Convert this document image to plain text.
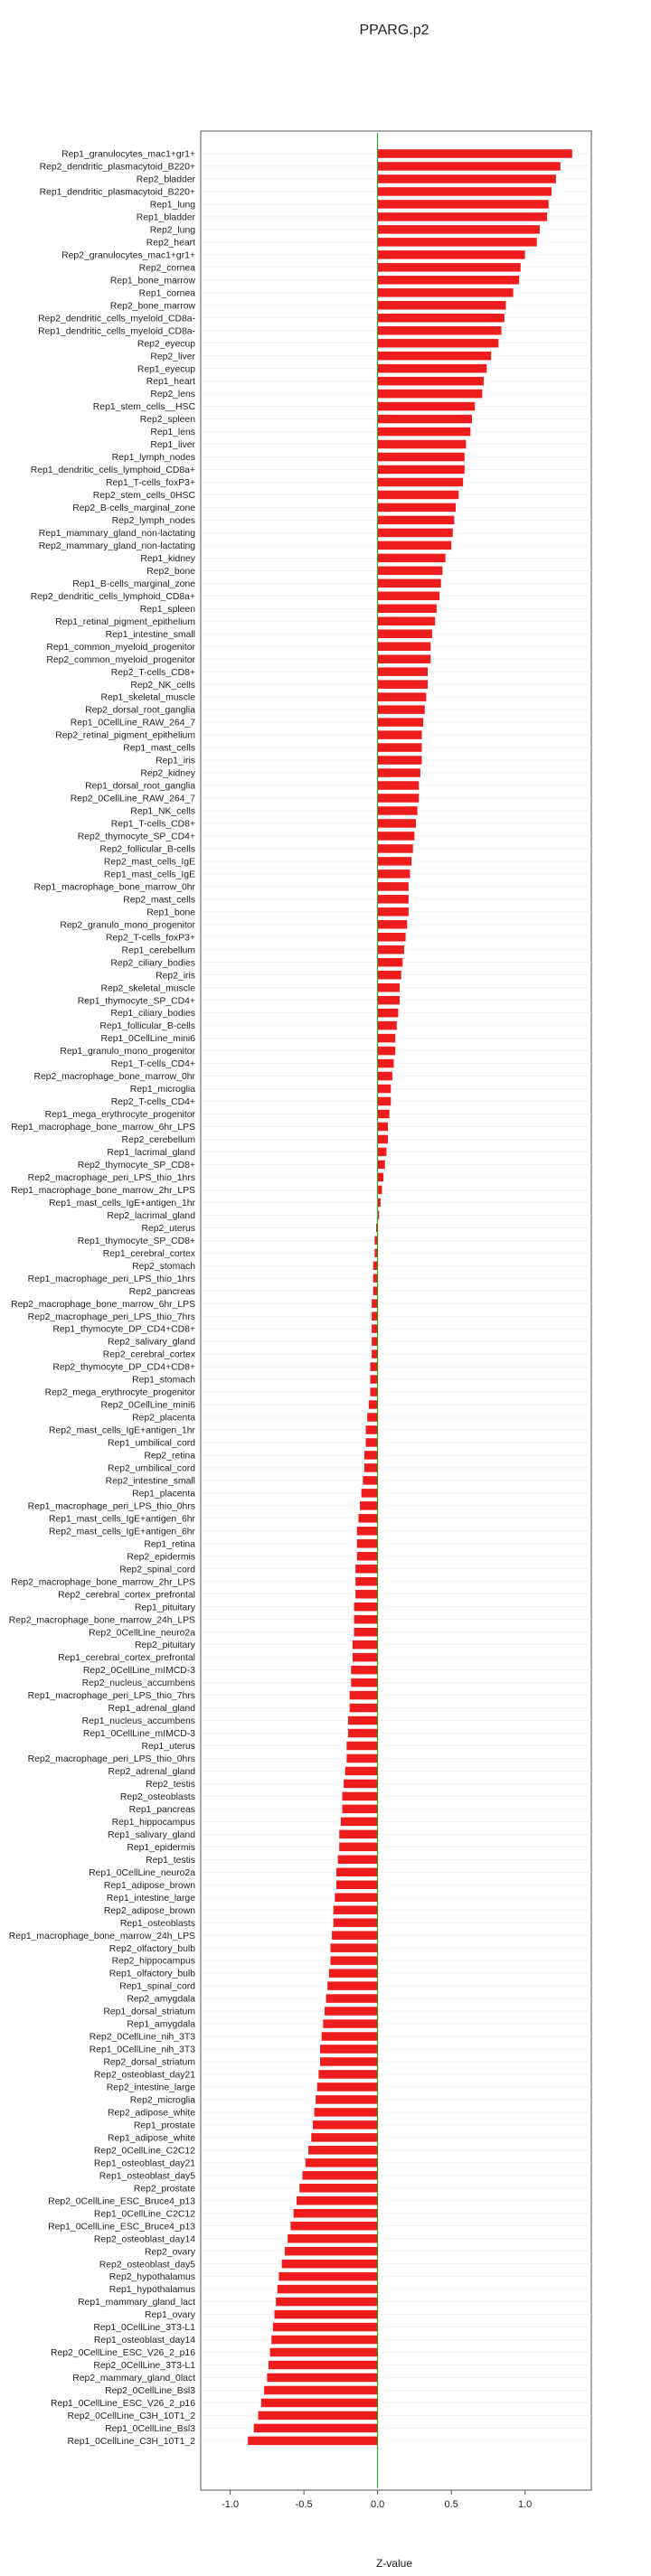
PPARG.p2
Rep1_granulocytes_mac1+gr1+
Rep2_dendritic_plasmacytoid_B220+
Rep2_bladder
Rep1_dendritic_plasmacytoid_B220+
Rep1_lung
Rep1_bladder
Rep2_lung
Rep2_heart
Rep2_granulocytes_mac1+gr1+
Rep2_cornea
Rep1_bone_marrow
Rep1_cornea
Rep2_bone_marrow
Rep2_dendritic_cells_myeloid_CD8a-
Rep1_dendritic_cells_myeloid_CD8a-
Rep2_eyecup
Rep2_liver
Rep1_eyecup
Rep1_heart
Rep2_lens
Rep1_stem_cells__HSC
Rep2_spleen
Rep1_lens
Rep1_liver
Rep1_lymph_nodes
Rep1_dendritic_cells_lymphoid_CD8a+
Rep1_T-cells_foxP3+
Rep2_stem_cells_0HSC
Rep2_B-cells_marginal_zone
Rep2_lymph_nodes
Rep1_mammary_gland_non-lactating
Rep2_mammary_gland_non-lactating
Rep1_kidney
Rep2_bone
Rep1_B-cells_marginal_zone
Rep2_dendritic_cells_lymphoid_CD8a+
Rep1_spleen
Rep1_retinal_pigment_epithelium
Rep1_intestine_small
Rep1_common_myeloid_progenitor
Rep2_common_myeloid_progenitor
Rep2_T-cells_CD8+
Rep2_NK_cells
Rep1_skeletal_muscle
Rep2_dorsal_root_ganglia
Rep1_0CellLine_RAW_264_7
Rep2_retinal_pigment_epithelium
Rep1_mast_cells
Rep1_iris
Rep2_kidney
Rep1_dorsal_root_ganglia
Rep2_0CellLine_RAW_264_7
Rep1_NK_cells
Rep1_T-cells_CD8+
Rep2_thymocyte_SP_CD4+
Rep2_follicular_B-cells
Rep2_mast_cells_IgE
Rep1_mast_cells_IgE
Rep1_macrophage_bone_marrow_0hr
Rep2_mast_cells
Rep1_bone
Rep2_granulo_mono_progenitor
Rep2_T-cells_foxP3+
Rep1_cerebellum
Rep2_ciliary_bodies
Rep2_iris
Rep2_skeletal_muscle
Rep1_thymocyte_SP_CD4+
Rep1_ciliary_bodies
Rep1_follicular_B-cells
Rep1_0CellLine_mini6
Rep1_granulo_mono_progenitor
Rep1_T-cells_CD4+
Rep2_macrophage_bone_marrow_0hr
Rep1_microglia
Rep2_T-cells_CD4+
Rep1_mega_erythrocyte_progenitor
Rep1_macrophage_bone_marrow_6hr_LPS
Rep2_cerebellum
Rep1_lacrimal_gland
Rep2_thymocyte_SP_CD8+
Rep2_macrophage_peri_LPS_thio_1hrs
Rep1_macrophage_bone_marrow_2hr_LPS
Rep1_mast_cells_IgE+antigen_1hr
Rep2_lacrimal_gland
Rep2_uterus
Rep1_thymocyte_SP_CD8+
Rep1_cerebral_cortex
Rep2_stomach
Rep1_macrophage_peri_LPS_thio_1hrs
Rep2_pancreas
Rep2_macrophage_bone_marrow_6hr_LPS
Rep2_macrophage_peri_LPS_thio_7hrs
Rep1_thymocyte_DP_CD4+CD8+
Rep2_salivary_gland
Rep2_cerebral_cortex
Rep2_thymocyte_DP_CD4+CD8+
Rep1_stomach
Rep2_mega_erythrocyte_progenitor
Rep2_0CellLine_mini6
Rep2_placenta
Rep2_mast_cells_IgE+antigen_1hr
Rep1_umbilical_cord
Rep2_retina
Rep2_umbilical_cord
Rep2_intestine_small
Rep1_placenta
Rep1_macrophage_peri_LPS_thio_0hrs
Rep1_mast_cells_IgE+antigen_6hr
Rep2_mast_cells_IgE+antigen_6hr
Rep1_retina
Rep2_epidermis
Rep2_spinal_cord
Rep2_macrophage_bone_marrow_2hr_LPS
Rep2_cerebral_cortex_prefrontal
Rep1_pituitary
Rep2_macrophage_bone_marrow_24h_LPS
Rep2_0CellLine_neuro2a
Rep2_pituitary
Rep1_cerebral_cortex_prefrontal
Rep2_0CellLine_mIMCD-3
Rep2_nucleus_accumbens
Rep1_macrophage_peri_LPS_thio_7hrs
Rep1_adrenal_gland
Rep1_nucleus_accumbens
Rep1_0CellLine_mIMCD-3
Rep1_uterus
Rep2_macrophage_peri_LPS_thio_0hrs
Rep2_adrenal_gland
Rep2_testis
Rep2_osteoblasts
Rep1_pancreas
Rep1_hippocampus
Rep1_salivary_gland
Rep1_epidermis
Rep1_testis
Rep1_0CellLine_neuro2a
Rep1_adipose_brown
Rep1_intestine_large
Rep2_adipose_brown
Rep1_osteoblasts
Rep1_macrophage_bone_marrow_24h_LPS
Rep2_olfactory_bulb
Rep2_hippocampus
Rep1_olfactory_bulb
Rep1_spinal_cord
Rep2_amygdala
Rep1_dorsal_striatum
Rep1_amygdala
Rep2_0CellLine_nih_3T3
Rep1_0CellLine_nih_3T3
Rep2_dorsal_striatum
Rep2_osteoblast_day21
Rep2_intestine_large
Rep2_microglia
Rep2_adipose_white
Rep1_prostate
Rep1_adipose_white
Rep2_0CellLine_C2C12
Rep1_osteoblast_day21
Rep1_osteoblast_day5
Rep2_prostate
Rep2_0CellLine_ESC_Bruce4_p13
Rep1_0CellLine_C2C12
Rep1_0CellLine_ESC_Bruce4_p13
Rep2_osteoblast_day14
Rep2_ovary
Rep2_osteoblast_day5
Rep2_hypothalamus
Rep1_hypothalamus
Rep1_mammary_gland_lact
Rep1_ovary
Rep1_0CellLine_3T3-L1
Rep1_osteoblast_day14
Rep2_0CellLine_ESC_V26_2_p16
Rep2_0CellLine_3T3-L1
Rep2_mammary_gland_0lact
Rep2_0CellLine_Bsl3
Rep1_0CellLine_ESC_V26_2_p16
Rep2_0CellLine_C3H_10T1_2
Rep1_0CellLine_Bsl3
Rep1_0CellLine_C3H_10T1_2
-1.0	-0.5	0.0	0.5	1.0
Z-value
